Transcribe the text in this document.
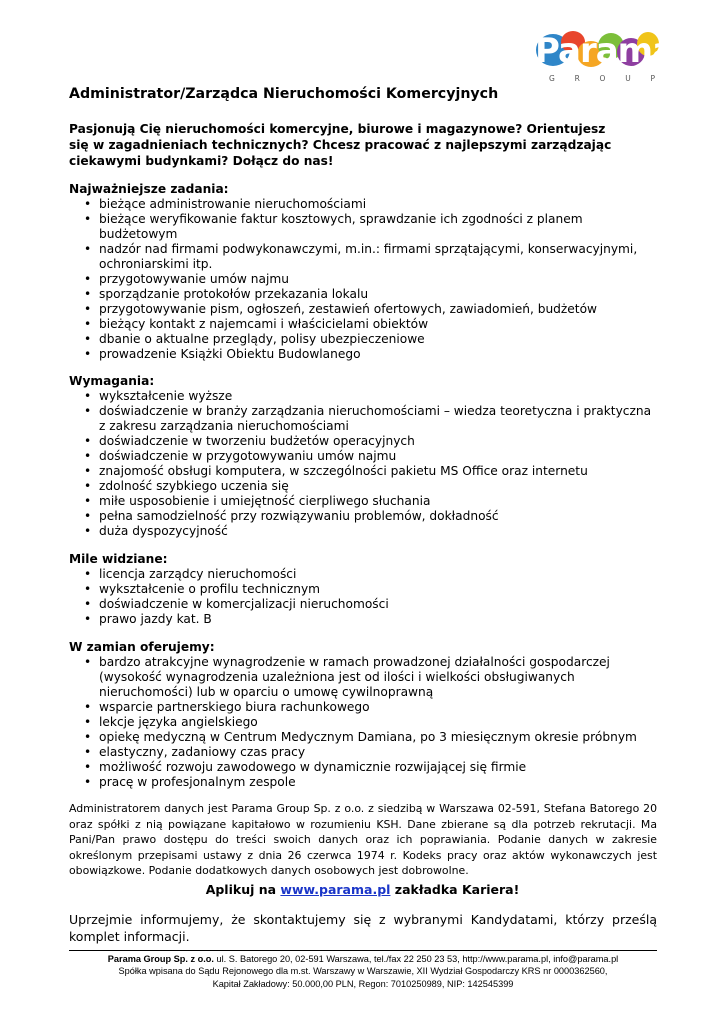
Parama
G	R	O	U	P
Administrator/Zarządca Nieruchomości Komercyjnych

Pasjonują Cię nieruchomości komercyjne, biurowe i magazynowe? Orientujesz się w zagadnieniach technicznych? Chcesz pracować z najlepszymi zarządzając ciekawymi budynkami? Dołącz do nas!

Najważniejsze zadania:
• bieżące administrowanie nieruchomościami
• bieżące weryfikowanie faktur kosztowych, sprawdzanie ich zgodności z planem budżetowym
• nadzór nad firmami podwykonawczymi, m.in.: firmami sprzątającymi, konserwacyjnymi, ochroniarskimi itp.
• przygotowywanie umów najmu
• sporządzanie protokołów przekazania lokalu
• przygotowywanie pism, ogłoszeń, zestawień ofertowych, zawiadomień, budżetów
• bieżący kontakt z najemcami i właścicielami obiektów
• dbanie o aktualne przeglądy, polisy ubezpieczeniowe
• prowadzenie Książki Obiektu Budowlanego
Wymagania:
• wykształcenie wyższe
• doświadczenie w branży zarządzania nieruchomościami – wiedza teoretyczna i praktyczna z zakresu zarządzania nieruchomościami
• doświadczenie w tworzeniu budżetów operacyjnych
• doświadczenie w przygotowywaniu umów najmu
• znajomość obsługi komputera, w szczególności pakietu MS Office oraz internetu
• zdolność szybkiego uczenia się
• miłe usposobienie i umiejętność cierpliwego słuchania
• pełna samodzielność przy rozwiązywaniu problemów, dokładność
• duża dyspozycyjność
Mile widziane:
• licencja zarządcy nieruchomości
• wykształcenie o profilu technicznym
• doświadczenie w komercjalizacji nieruchomości
• prawo jazdy kat. B
W zamian oferujemy:
• bardzo atrakcyjne wynagrodzenie w ramach prowadzonej działalności gospodarczej (wysokość wynagrodzenia uzależniona jest od ilości i wielkości obsługiwanych nieruchomości) lub w oparciu o umowę cywilnoprawną
• wsparcie partnerskiego biura rachunkowego
• lekcje języka angielskiego
• opiekę medyczną w Centrum Medycznym Damiana, po 3 miesięcznym okresie próbnym
• elastyczny, zadaniowy czas pracy
• możliwość rozwoju zawodowego w dynamicznie rozwijającej się firmie
• pracę w profesjonalnym zespole

Administratorem danych jest Parama Group Sp. z o.o. z siedzibą w Warszawa 02-591, Stefana Batorego 20 oraz spółki z nią powiązane kapitałowo w rozumieniu KSH. Dane zbierane są dla potrzeb rekrutacji. Ma Pani/Pan prawo dostępu do treści swoich danych oraz ich poprawiania. Podanie danych w zakresie określonym przepisami ustawy z dnia 26 czerwca 1974 r. Kodeks pracy oraz aktów wykonawczych jest obowiązkowe. Podanie dodatkowych danych osobowych jest dobrowolne.

Aplikuj na www.parama.pl zakładka Kariera!

Uprzejmie informujemy, że skontaktujemy się z wybranymi Kandydatami, którzy prześlą komplet informacji.

Parama Group Sp. z o.o. ul. S. Batorego 20, 02-591 Warszawa, tel./fax 22 250 23 53, http://www.parama.pl, info@parama.pl
Spółka wpisana do Sądu Rejonowego dla m.st. Warszawy w Warszawie, XII Wydział Gospodarczy KRS nr 0000362560,
Kapitał Zakładowy: 50.000,00 PLN, Regon: 7010250989, NIP: 142545399
